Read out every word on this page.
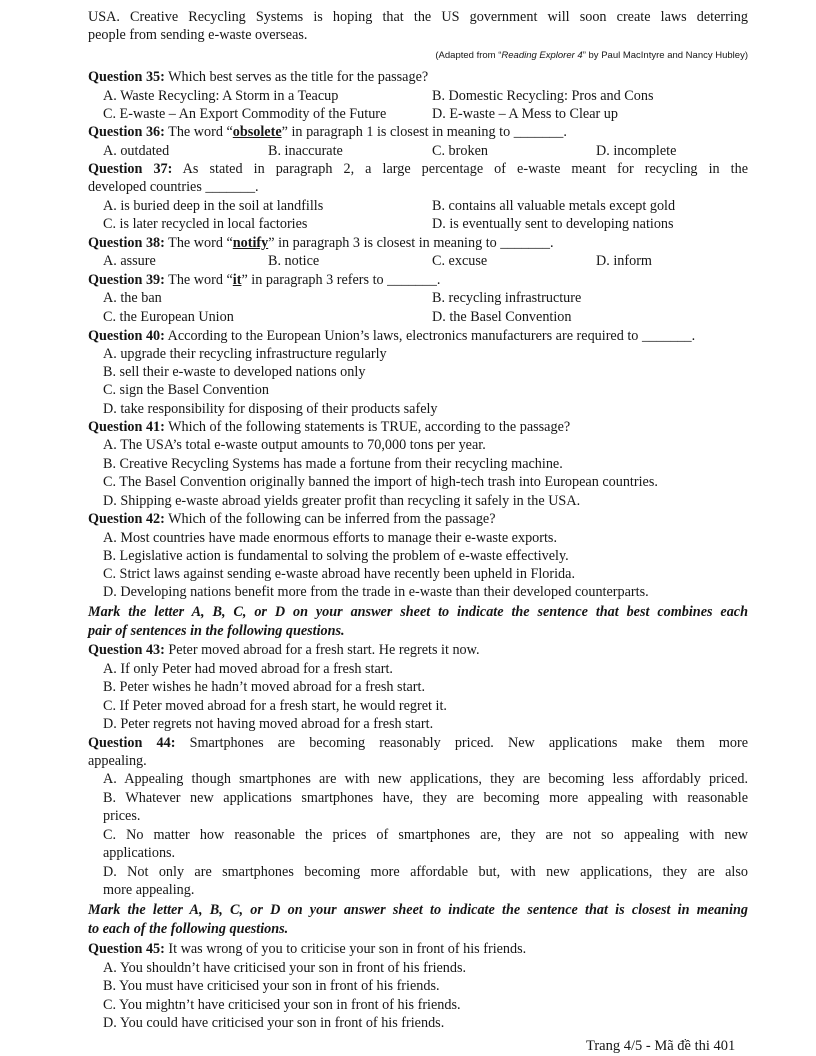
USA. Creative Recycling Systems is hoping that the US government will soon create laws deterring
people from sending e-waste overseas.
(Adapted from “Reading Explorer 4” by Paul MacIntyre and Nancy Hubley)
Question 35: Which best serves as the title for the passage?
A. Waste Recycling: A Storm in a Teacup	B. Domestic Recycling: Pros and Cons
C. E-waste – An Export Commodity of the Future	D. E-waste – A Mess to Clear up
Question 36: The word “obsolete” in paragraph 1 is closest in meaning to _______.
A. outdated	B. inaccurate	C. broken	D. incomplete
Question 37: As stated in paragraph 2, a large percentage of e-waste meant for recycling in the
developed countries _______.
A. is buried deep in the soil at landfills	B. contains all valuable metals except gold
C. is later recycled in local factories	D. is eventually sent to developing nations
Question 38: The word “notify” in paragraph 3 is closest in meaning to _______.
A. assure	B. notice	C. excuse	D. inform
Question 39: The word “it” in paragraph 3 refers to _______.
A. the ban	B. recycling infrastructure
C. the European Union	D. the Basel Convention
Question 40: According to the European Union’s laws, electronics manufacturers are required to _______.
A. upgrade their recycling infrastructure regularly
B. sell their e-waste to developed nations only
C. sign the Basel Convention
D. take responsibility for disposing of their products safely
Question 41: Which of the following statements is TRUE, according to the passage?
A. The USA’s total e-waste output amounts to 70,000 tons per year.
B. Creative Recycling Systems has made a fortune from their recycling machine.
C. The Basel Convention originally banned the import of high-tech trash into European countries.
D. Shipping e-waste abroad yields greater profit than recycling it safely in the USA.
Question 42: Which of the following can be inferred from the passage?
A. Most countries have made enormous efforts to manage their e-waste exports.
B. Legislative action is fundamental to solving the problem of e-waste effectively.
C. Strict laws against sending e-waste abroad have recently been upheld in Florida.
D. Developing nations benefit more from the trade in e-waste than their developed counterparts.
Mark the letter A, B, C, or D on your answer sheet to indicate the sentence that best combines each
pair of sentences in the following questions.
Question 43: Peter moved abroad for a fresh start. He regrets it now.
A. If only Peter had moved abroad for a fresh start.
B. Peter wishes he hadn’t moved abroad for a fresh start.
C. If Peter moved abroad for a fresh start, he would regret it.
D. Peter regrets not having moved abroad for a fresh start.
Question 44: Smartphones are becoming reasonably priced. New applications make them more
appealing.
A. Appealing though smartphones are with new applications, they are becoming less affordably priced.
B. Whatever new applications smartphones have, they are becoming more appealing with reasonable
prices.
C. No matter how reasonable the prices of smartphones are, they are not so appealing with new
applications.
D. Not only are smartphones becoming more affordable but, with new applications, they are also
more appealing.
Mark the letter A, B, C, or D on your answer sheet to indicate the sentence that is closest in meaning
to each of the following questions.
Question 45: It was wrong of you to criticise your son in front of his friends.
A. You shouldn’t have criticised your son in front of his friends.
B. You must have criticised your son in front of his friends.
C. You mightn’t have criticised your son in front of his friends.
D. You could have criticised your son in front of his friends.
Trang 4/5 - Mã đề thi 401
